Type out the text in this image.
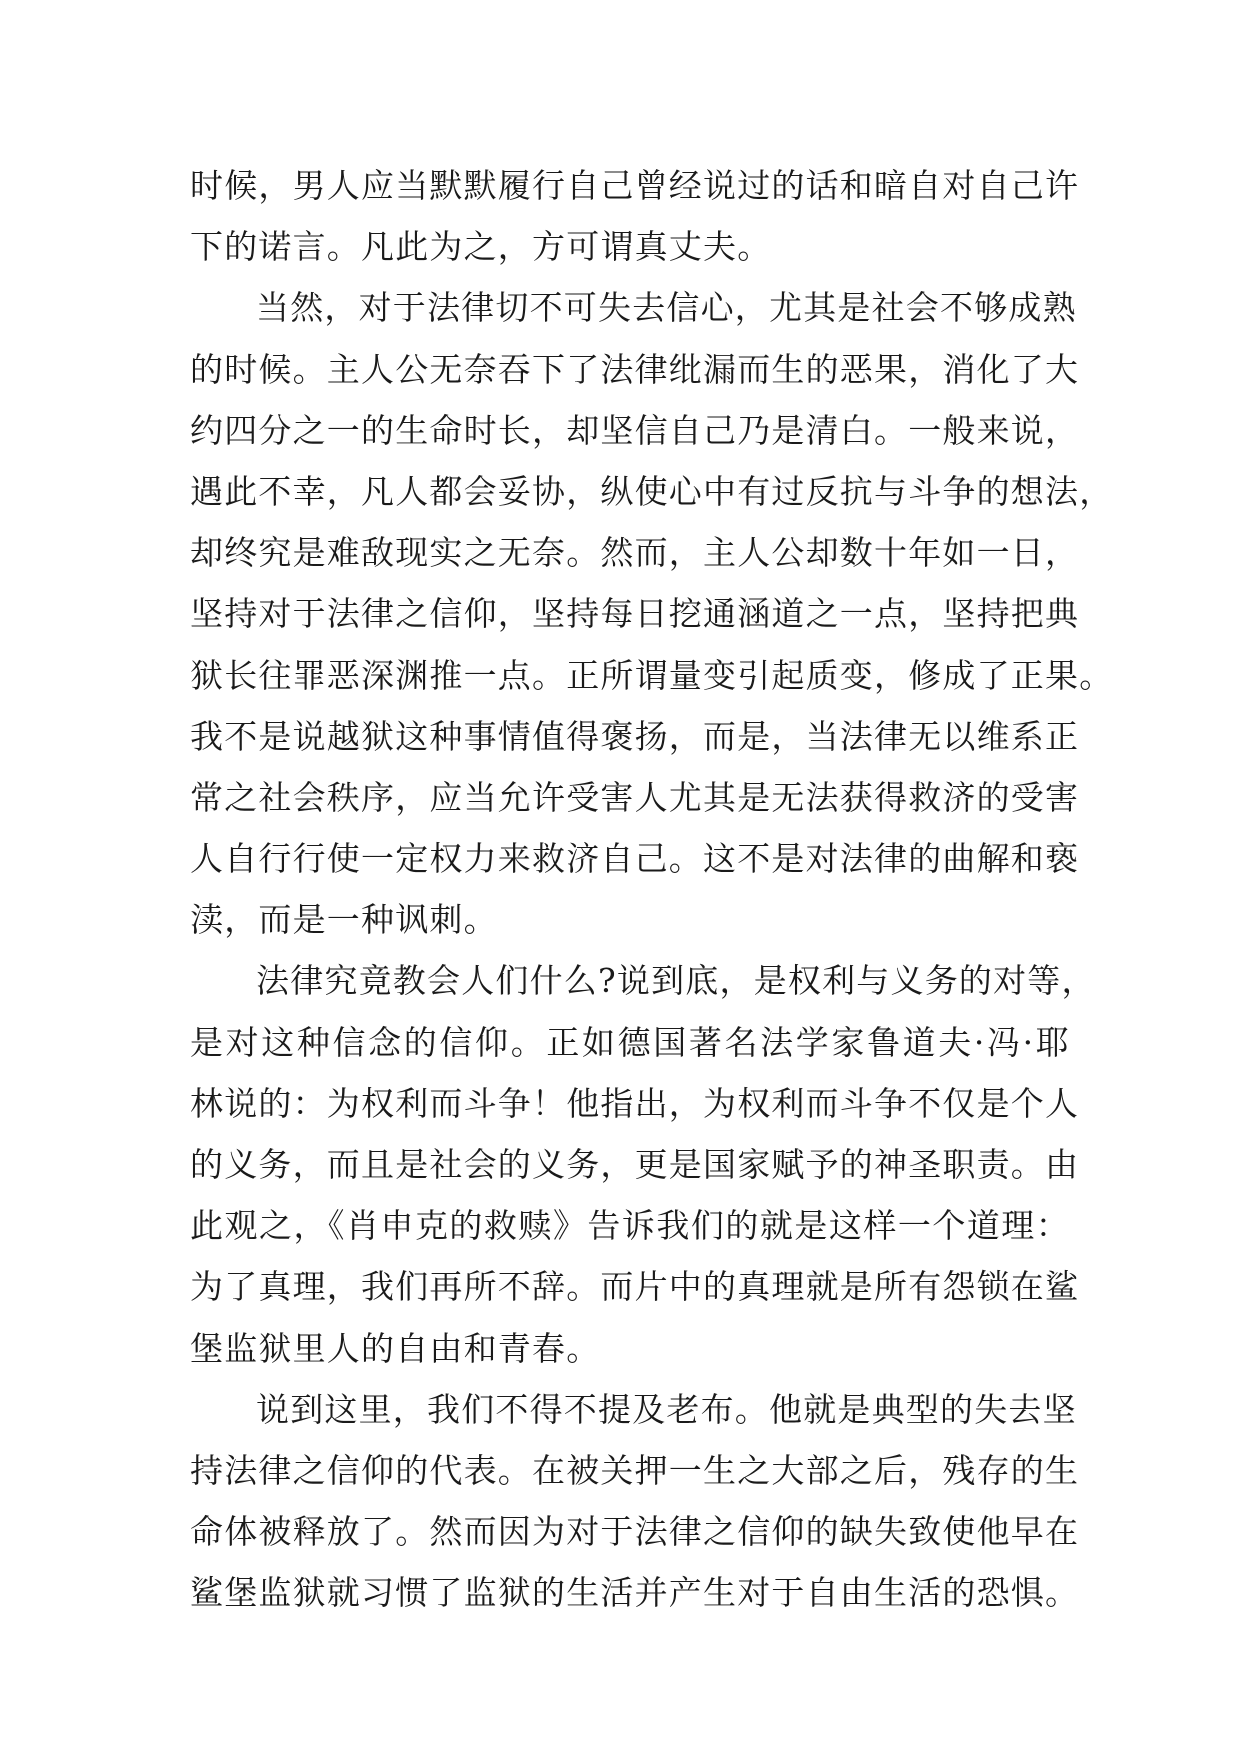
时候，男人应当默默履行自己曾经说过的话和暗自对自己许
下的诺言。凡此为之，方可谓真丈夫。
当然，对于法律切不可失去信心，尤其是社会不够成熟
的时候。主人公无奈吞下了法律纰漏而生的恶果，消化了大
约四分之一的生命时长，却坚信自己乃是清白。一般来说，
遇此不幸，凡人都会妥协，纵使心中有过反抗与斗争的想法，
却终究是难敌现实之无奈。然而，主人公却数十年如一日，
坚持对于法律之信仰，坚持每日挖通涵道之一点，坚持把典
狱长往罪恶深渊推一点。正所谓量变引起质变，修成了正果。
我不是说越狱这种事情值得褒扬，而是，当法律无以维系正
常之社会秩序，应当允许受害人尤其是无法获得救济的受害
人自行行使一定权力来救济自己。这不是对法律的曲解和亵
渎，而是一种讽刺。
法律究竟教会人们什么?说到底，是权利与义务的对等，
是对这种信念的信仰。正如德国著名法学家鲁道夫·冯·耶
林说的：为权利而斗争！他指出，为权利而斗争不仅是个人
的义务，而且是社会的义务，更是国家赋予的神圣职责。由
此观之，《肖申克的救赎》告诉我们的就是这样一个道理：
为了真理，我们再所不辞。而片中的真理就是所有怨锁在鲨
堡监狱里人的自由和青春。
说到这里，我们不得不提及老布。他就是典型的失去坚
持法律之信仰的代表。在被关押一生之大部之后，残存的生
命体被释放了。然而因为对于法律之信仰的缺失致使他早在
鲨堡监狱就习惯了监狱的生活并产生对于自由生活的恐惧。
